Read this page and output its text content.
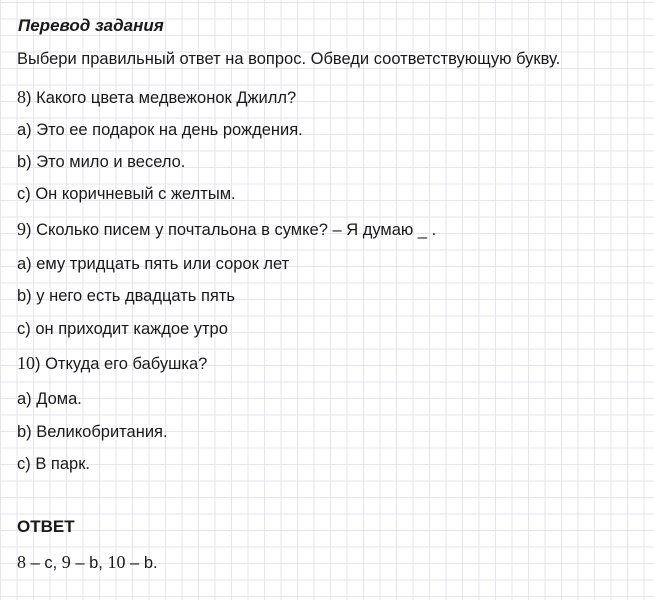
Перевод задания
Выбери правильный ответ на вопрос. Обведи соответствующую букву.
8) Какого цвета медвежонок Джилл?
a) Это ее подарок на день рождения.
b) Это мило и весело.
c) Он коричневый с желтым.
9) Сколько писем у почтальона в сумке? – Я думаю _ .
a) ему тридцать пять или сорок лет
b) у него есть двадцать пять
c) он приходит каждое утро
10) Откуда его бабушка?
a) Дома.
b) Великобритания.
c) В парк.
ОТВЕТ
8 – c, 9 – b, 10 – b.
